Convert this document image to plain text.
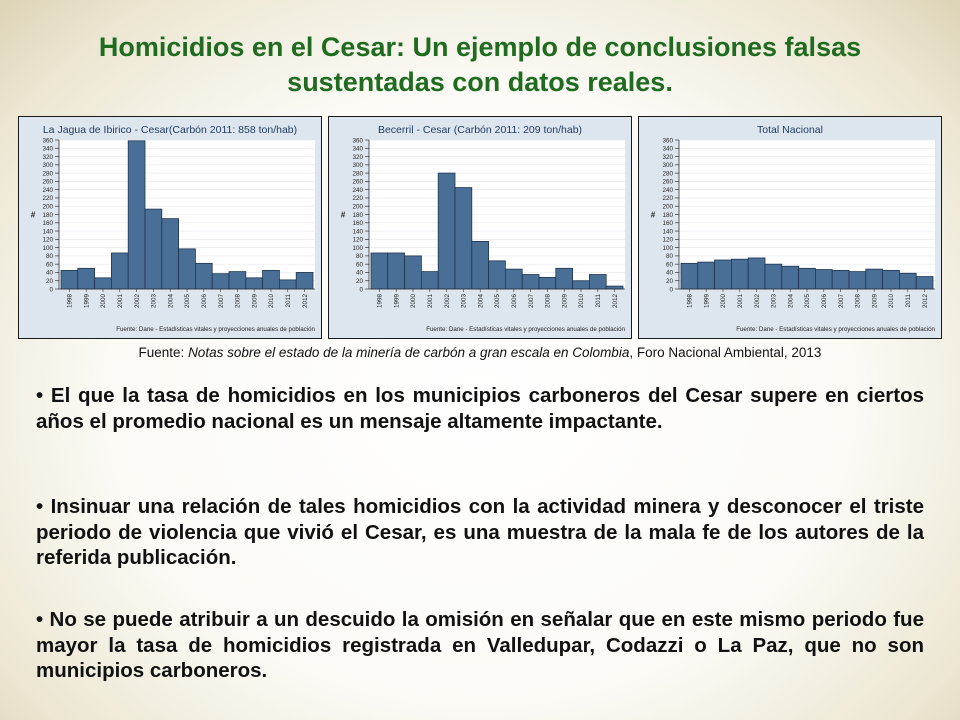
Homicidios en el Cesar: Un ejemplo de conclusiones falsas
sustentadas con datos reales.
La Jagua de Ibirico - Cesar(Carbón 2011: 858 ton/hab)
0
20
40
60
80
100
120
140
160
180
200
220
240
260
280
300
320
340
360
#
1998 1999 2000 2001 2002 2003 2004 2005 2006 2007 2008 2009 2010 2011 2012
Fuente: Dane - Estadísticas vitales y proyecciones anuales de población
Becerril - Cesar (Carbón 2011: 209 ton/hab)
0
20
40
60
80
100
120
140
160
180
200
220
240
260
280
300
320
340
360
#
1998 1999 2000 2001 2002 2003 2004 2005 2006 2007 2008 2009 2010 2011 2012
Fuente: Dane - Estadísticas vitales y proyecciones anuales de población
Total Nacional
0
20
40
60
80
100
120
140
160
180
200
220
240
260
280
300
320
340
360
#
1998 1999 2000 2001 2002 2003 2004 2005 2006 2007 2008 2009 2010 2011 2012
Fuente: Dane - Estadísticas vitales y proyecciones anuales de población

Fuente: Notas sobre el estado de la minería de carbón a gran escala en Colombia, Foro Nacional Ambiental, 2013

• El que la tasa de homicidios en los municipios carboneros del Cesar supere en ciertos años el promedio nacional es un mensaje altamente impactante.

• Insinuar una relación de tales homicidios con la actividad minera y desconocer el triste periodo de violencia que vivió el Cesar, es una muestra de la mala fe de los autores de la referida publicación.

• No se puede atribuir a un descuido la omisión en señalar que en este mismo periodo fue mayor la tasa de homicidios registrada en Valledupar, Codazzi o La Paz, que no son municipios carboneros.
